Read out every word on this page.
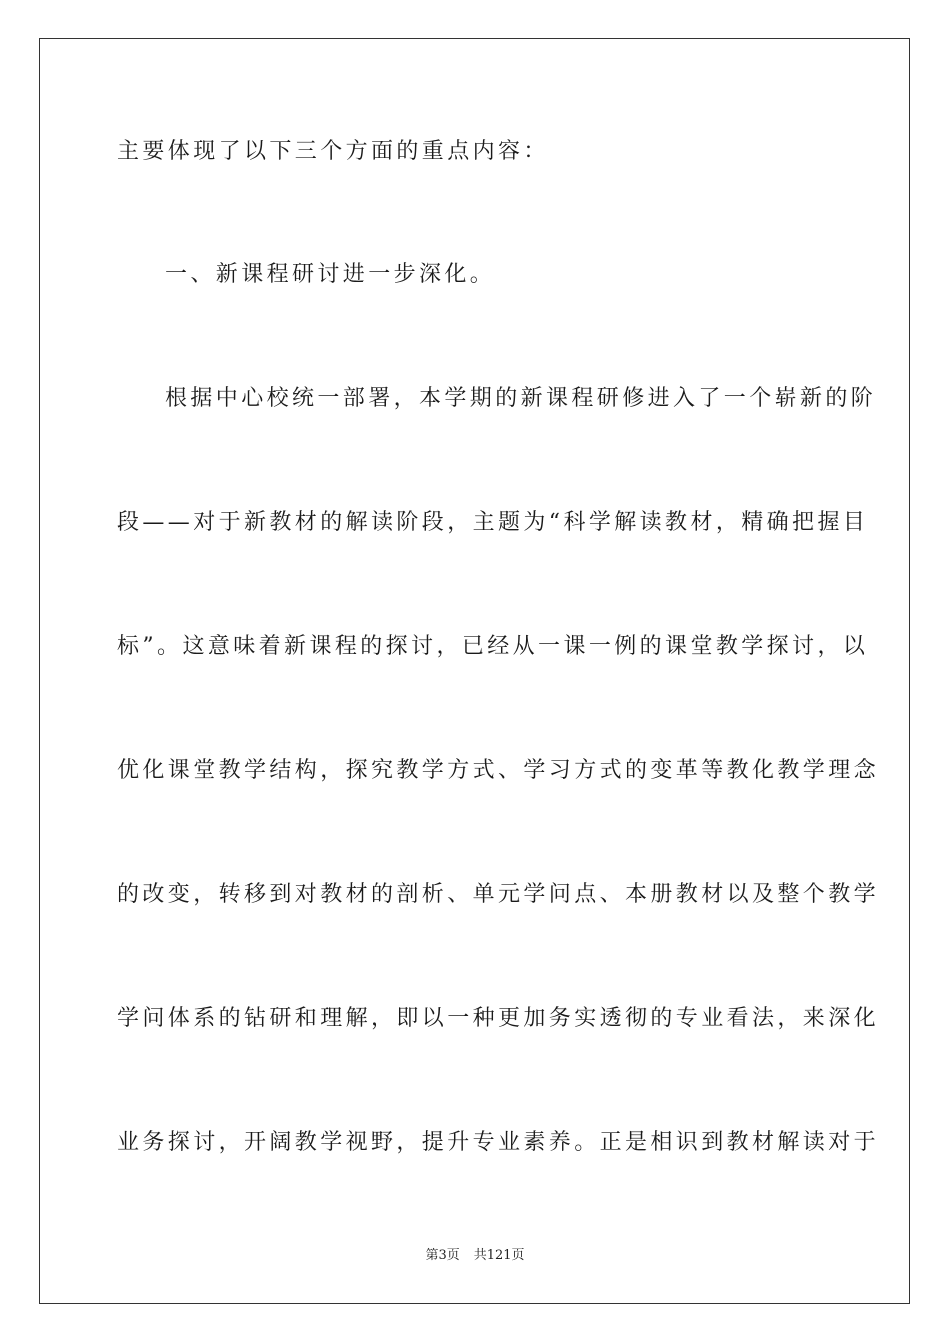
主要体现了以下三个方面的重点内容：
一、新课程研讨进一步深化。
根据中心校统一部署，本学期的新课程研修进入了一个崭新的阶
段——对于新教材的解读阶段，主题为“科学解读教材，精确把握目
标”。这意味着新课程的探讨，已经从一课一例的课堂教学探讨，以
优化课堂教学结构，探究教学方式、学习方式的变革等教化教学理念
的改变，转移到对教材的剖析、单元学问点、本册教材以及整个教学
学问体系的钻研和理解，即以一种更加务实透彻的专业看法，来深化
业务探讨，开阔教学视野，提升专业素养。正是相识到教材解读对于
第3页 共121页
